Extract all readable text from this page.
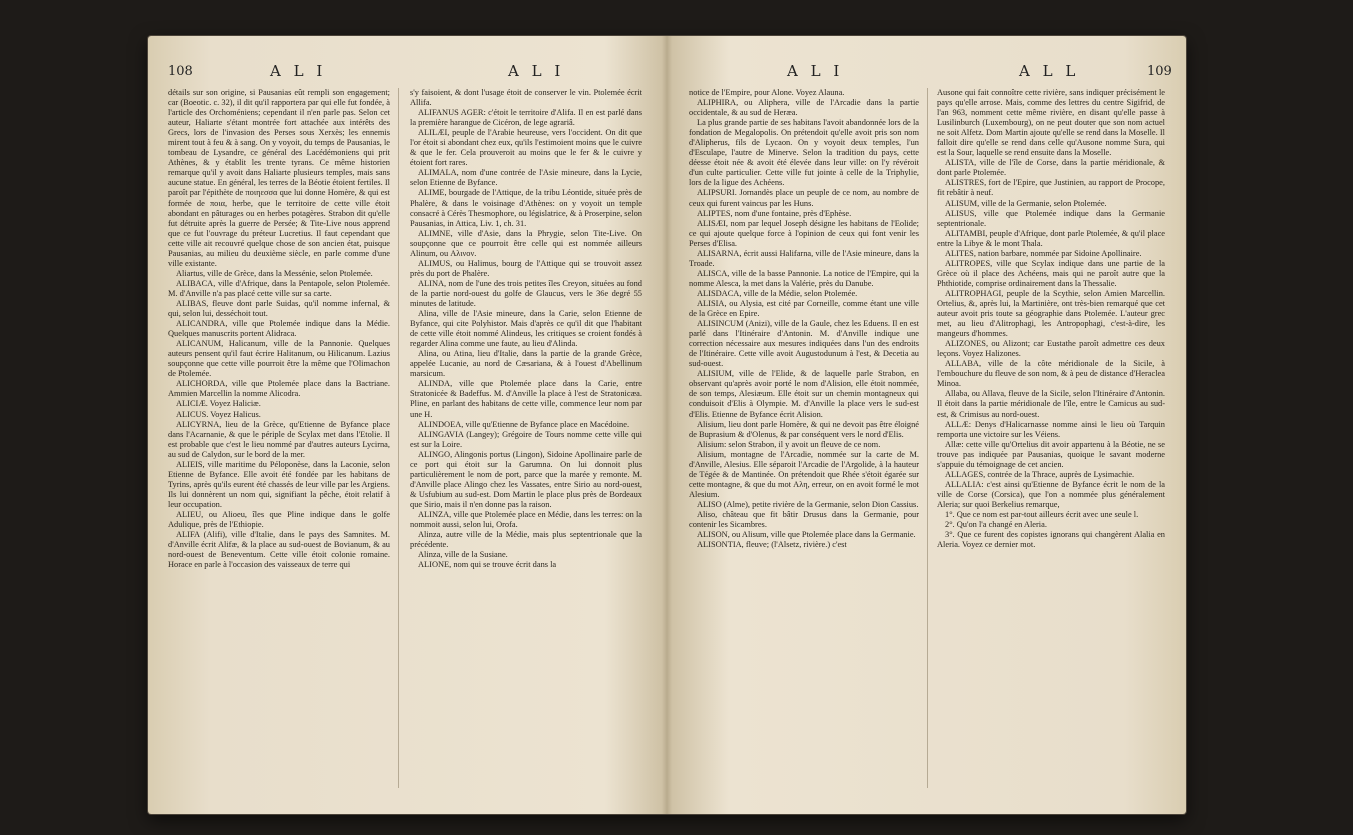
108	A L I	A L I

détails sur son origine, si Pausanias eût rempli son engagement; car (Boeotic. c. 32), il dit qu'il rapportera par qui elle fut fondée, à l'article des Orchoméniens; cependant il n'en parle pas. Selon cet auteur, Haliarte s'étant montrée fort attachée aux intérêts des Grecs, lors de l'invasion des Perses sous Xerxès; les ennemis mirent tout à feu & à sang. On y voyoit, du temps de Pausanias, le tombeau de Lysandre, ce général des Lacédémoniens qui prit Athènes, & y établit les trente tyrans. Ce même historien remarque qu'il y avoit dans Haliarte plusieurs temples, mais sans aucune statue. En général, les terres de la Béotie étoient fertiles. Il paroît par l'épithète de ποιηεσσα que lui donne Homère, & qui est formée de ποια, herbe, que le territoire de cette ville étoit abondant en pâturages ou en herbes potagères. Strabon dit qu'elle fut détruite après la guerre de Persée; & Tite-Live nous apprend que ce fut l'ouvrage du préteur Lucretius. Il faut cependant que cette ville ait recouvré quelque chose de son ancien état, puisque Pausanias, au milieu du deuxième siècle, en parle comme d'une ville existante.

Aliartus, ville de Grèce, dans la Messénie, selon Ptolemée.

ALIBACA, ville d'Afrique, dans la Pentapole, selon Ptolemée. M. d'Anville n'a pas placé cette ville sur sa carte.

ALIBAS, fleuve dont parle Suidas, qu'il nomme infernal, & qui, selon lui, desséchoit tout.

ALICANDRA, ville que Ptolemée indique dans la Médie. Quelques manuscrits portent Alidraca.

ALICANUM, Halicanum, ville de la Pannonie. Quelques auteurs pensent qu'il faut écrire Halitanum, ou Hilicanum. Lazius soupçonne que cette ville pourroit être la même que l'Olimachon de Ptolemée.

ALICHORDA, ville que Ptolemée place dans la Bactriane. Ammien Marcellin la nomme Alicodra.

ALICIÆ. Voyez Haliciæ.

ALICUS. Voyez Halicus.

ALICYRNA, lieu de la Grèce, qu'Etienne de Byfance place dans l'Acarnanie, & que le périple de Scylax met dans l'Etolie. Il est probable que c'est le lieu nommé par d'autres auteurs Lycirna, au sud de Calydon, sur le bord de la mer.

ALIEIS, ville maritime du Péloponèse, dans la Laconie, selon Etienne de Byfance. Elle avoit été fondée par les habitans de Tyrins, après qu'ils eurent été chassés de leur ville par les Argiens. Ils lui donnèrent un nom qui, signifiant la pêche, étoit relatif à leur occupation.

ALIEU, ou Alioeu, îles que Pline indique dans le golfe Adulique, près de l'Ethiopie.

ALIFA (Alifi), ville d'Italie, dans le pays des Samnites. M. d'Anville écrit Alifæ, & la place au sud-ouest de Bovianum, & au nord-ouest de Beneventum. Cette ville étoit colonie romaine. Horace en parle à l'occasion des vaisseaux de terre qui

s'y faisoient, & dont l'usage étoit de conserver le vin. Ptolemée écrit Allifa.

ALIFANUS AGER: c'étoit le territoire d'Alifa. Il en est parlé dans la première harangue de Cicéron, de lege agrariâ.

ALILÆI, peuple de l'Arabie heureuse, vers l'occident. On dit que l'or étoit si abondant chez eux, qu'ils l'estimoient moins que le cuivre & que le fer. Cela prouveroit au moins que le fer & le cuivre y étoient fort rares.

ALIMALA, nom d'une contrée de l'Asie mineure, dans la Lycie, selon Etienne de Byfance.

ALIME, bourgade de l'Attique, de la tribu Léontide, située près de Phalère, & dans le voisinage d'Athènes: on y voyoit un temple consacré à Cérès Thesmophore, ou législatrice, & à Proserpine, selon Pausanias, in Attica, Liv. 1, ch. 31.

ALIMNE, ville d'Asie, dans la Phrygie, selon Tite-Live. On soupçonne que ce pourroit être celle qui est nommée ailleurs Alinum, ou Αλινον.

ALIMUS, ou Halimus, bourg de l'Attique qui se trouvoit assez près du port de Phalère.

ALINA, nom de l'une des trois petites îles Creyon, situées au fond de la partie nord-ouest du golfe de Glaucus, vers le 36e degré 55 minutes de latitude.

Alina, ville de l'Asie mineure, dans la Carie, selon Etienne de Byfance, qui cite Polyhistor. Mais d'après ce qu'il dit que l'habitant de cette ville étoit nommé Alindeus, les critiques se croient fondés à regarder Alina comme une faute, au lieu d'Alinda.

Alina, ou Atina, lieu d'Italie, dans la partie de la grande Grèce, appelée Lucanie, au nord de Cæsariana, & à l'ouest d'Abellinum marsicum.

ALINDA, ville que Ptolemée place dans la Carie, entre Stratonicée & Badeffus. M. d'Anville la place à l'est de Stratonicæa. Pline, en parlant des habitans de cette ville, commence leur nom par une H.

ALINDOEA, ville qu'Etienne de Byfance place en Macédoine.

ALINGAVIA (Langey); Grégoire de Tours nomme cette ville qui est sur la Loire.

ALINGO, Alingonis portus (Lingon), Sidoine Apollinaire parle de ce port qui étoit sur la Garumna. On lui donnoit plus particulièrement le nom de port, parce que la marée y remonte. M. d'Anville place Alingo chez les Vassates, entre Sirio au nord-ouest, & Usfubium au sud-est. Dom Martin le place plus près de Bordeaux que Sirio, mais il n'en donne pas la raison.

ALINZA, ville que Ptolemée place en Médie, dans les terres: on la nommoit aussi, selon lui, Orofa.

Alinza, autre ville de la Médie, mais plus septentrionale que la précédente.

Alinza, ville de la Susiane.

ALIONE, nom qui se trouve écrit dans la

A L I	A L L	109

notice de l'Empire, pour Alone. Voyez Alauna.

ALIPHIRA, ou Aliphera, ville de l'Arcadie dans la partie occidentale, & au sud de Heræa.

La plus grande partie de ses habitans l'avoit abandonnée lors de la fondation de Megalopolis. On prétendoit qu'elle avoit pris son nom d'Alipherus, fils de Lycaon. On y voyoit deux temples, l'un d'Esculape, l'autre de Minerve. Selon la tradition du pays, cette déesse étoit née & avoit été élevée dans leur ville: on l'y révéroit d'un culte particulier. Cette ville fut jointe à celle de la Triphylie, lors de la ligue des Achéens.

ALIPSURI. Jornandès place un peuple de ce nom, au nombre de ceux qui furent vaincus par les Huns.

ALIPTES, nom d'une fontaine, près d'Ephèse.

ALISÆI, nom par lequel Joseph désigne les habitans de l'Eolide; ce qui ajoute quelque force à l'opinion de ceux qui font venir les Perses d'Elisa.

ALISARNA, écrit aussi Halifarna, ville de l'Asie mineure, dans la Troade.

ALISCA, ville de la basse Pannonie. La notice de l'Empire, qui la nomme Alesca, la met dans la Valérie, près du Danube.

ALISDACA, ville de la Médie, selon Ptolemée.

ALISIA, ou Alysia, est cité par Corneille, comme étant une ville de la Grèce en Epire.

ALISINCUM (Anizi), ville de la Gaule, chez les Eduens. Il en est parlé dans l'Itinéraire d'Antonin. M. d'Anville indique une correction nécessaire aux mesures indiquées dans l'un des endroits de l'Itinéraire. Cette ville avoit Augustodunum à l'est, & Decetia au sud-ouest.

ALISIUM, ville de l'Elide, & de laquelle parle Strabon, en observant qu'après avoir porté le nom d'Alision, elle étoit nommée, de son temps, Alesiæum. Elle étoit sur un chemin montagneux qui conduisoit d'Elis à Olympie. M. d'Anville la place vers le sud-est d'Elis. Etienne de Byfance écrit Alision.

Alisium, lieu dont parle Homère, & qui ne devoit pas être éloigné de Buprasium & d'Olenus, & par conséquent vers le nord d'Elis.

Alisium: selon Strabon, il y avoit un fleuve de ce nom.

Alisium, montagne de l'Arcadie, nommée sur la carte de M. d'Anville, Alesius. Elle séparoit l'Arcadie de l'Argolide, à la hauteur de Tégée & de Mantinée. On prétendoit que Rhée s'étoit égarée sur cette montagne, & que du mot Αλη, erreur, on en avoit formé le mot Alesium.

ALISO (Alme), petite rivière de la Germanie, selon Dion Cassius.

Aliso, château que fit bâtir Drusus dans la Germanie, pour contenir les Sicambres.

ALISON, ou Alisum, ville que Ptolemée place dans la Germanie.

ALISONTIA, fleuve; (l'Alsetz, rivière.) c'est

Ausone qui fait connoître cette rivière, sans indiquer précisément le pays qu'elle arrose. Mais, comme des lettres du centre Sigifrid, de l'an 963, nomment cette même rivière, en disant qu'elle passe à Lusilinburch (Luxembourg), on ne peut douter que son nom actuel ne soit Alfetz. Dom Martin ajoute qu'elle se rend dans la Moselle. Il falloit dire qu'elle se rend dans celle qu'Ausone nomme Sura, qui est la Sour, laquelle se rend ensuite dans la Moselle.

ALISTA, ville de l'île de Corse, dans la partie méridionale, & dont parle Ptolemée.

ALISTRES, fort de l'Epire, que Justinien, au rapport de Procope, fit rebâtir à neuf.

ALISUM, ville de la Germanie, selon Ptolemée.

ALISUS, ville que Ptolemée indique dans la Germanie septentrionale.

ALITAMBI, peuple d'Afrique, dont parle Ptolemée, & qu'il place entre la Libye & le mont Thala.

ALITES, nation barbare, nommée par Sidoine Apollinaire.

ALITROPES, ville que Scylax indique dans une partie de la Grèce où il place des Achéens, mais qui ne paroît autre que la Phthiotide, comprise ordinairement dans la Thessalie.

ALITROPHAGI, peuple de la Scythie, selon Amien Marcellin. Ortelius, &, après lui, la Martinière, ont très-bien remarqué que cet auteur avoit pris toute sa géographie dans Ptolemée. L'auteur grec met, au lieu d'Alitrophagi, les Antropophagi, c'est-à-dire, les mangeurs d'hommes.

ALIZONES, ou Alizont; car Eustathe paroît admettre ces deux leçons. Voyez Halizones.

ALLABA, ville de la côte méridionale de la Sicile, à l'embouchure du fleuve de son nom, & à peu de distance d'Heraclea Minoa.

Allaba, ou Allava, fleuve de la Sicile, selon l'Itinéraire d'Antonin. Il étoit dans la partie méridionale de l'île, entre le Camicus au sud-est, & Crimisus au nord-ouest.

ALLÆ: Denys d'Halicarnasse nomme ainsi le lieu où Tarquin remporta une victoire sur les Véiens.

Allæ: cette ville qu'Ortelius dit avoir appartenu à la Béotie, ne se trouve pas indiquée par Pausanias, quoique le savant moderne s'appuie du témoignage de cet ancien.

ALLAGES, contrée de la Thrace, auprès de Lysimachie.

ALLALIA: c'est ainsi qu'Etienne de Byfance écrit le nom de la ville de Corse (Corsica), que l'on a nommée plus généralement Aleria; sur quoi Berkelius remarque,

1°. Que ce nom est par-tout ailleurs écrit avec une seule l.

2°. Qu'on l'a changé en Aleria.

3°. Que ce furent des copistes ignorans qui changèrent Alalia en Aleria. Voyez ce dernier mot.
